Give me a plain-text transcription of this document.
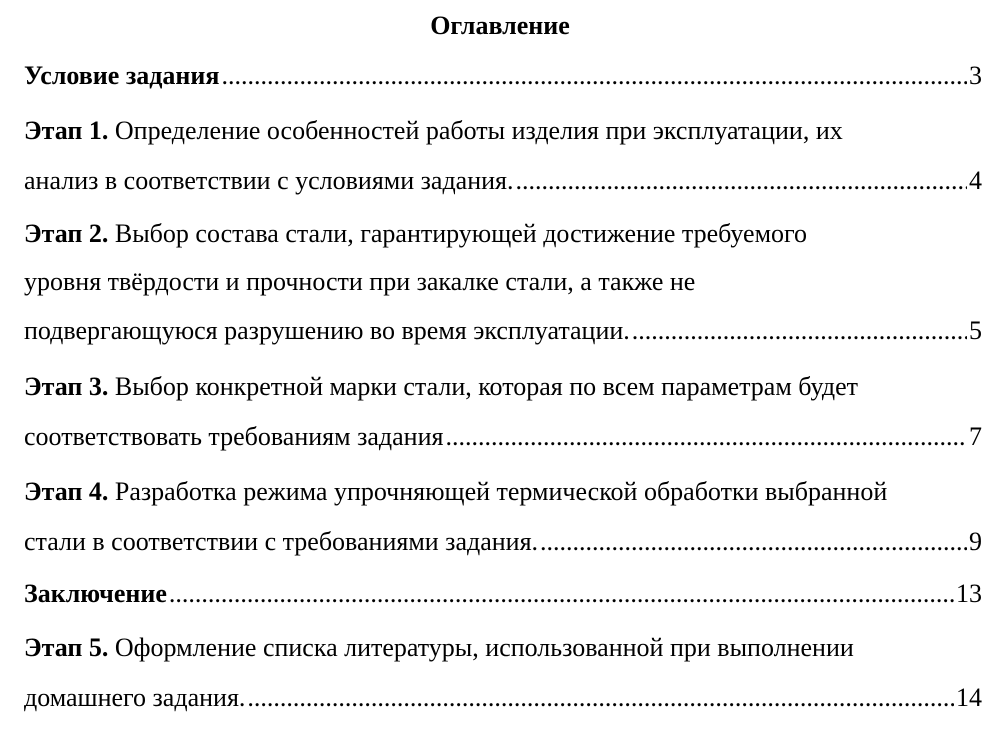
Оглавление
Условие задания .....	3
Этап 1. Определение особенностей работы изделия при эксплуатации, их
анализ в соответствии с условиями задания. .....	4
Этап 2. Выбор состава стали, гарантирующей достижение требуемого
уровня твёрдости и прочности при закалке стали, а также не
подвергающуюся разрушению во время эксплуатации. .....	5
Этап 3. Выбор конкретной марки стали, которая по всем параметрам будет
соответствовать требованиям задания .....	7
Этап 4. Разработка режима упрочняющей термической обработки выбранной
стали в соответствии с требованиями задания. .....	9
Заключение .....	13
Этап 5. Оформление списка литературы, использованной при выполнении
домашнего задания. .....	14
